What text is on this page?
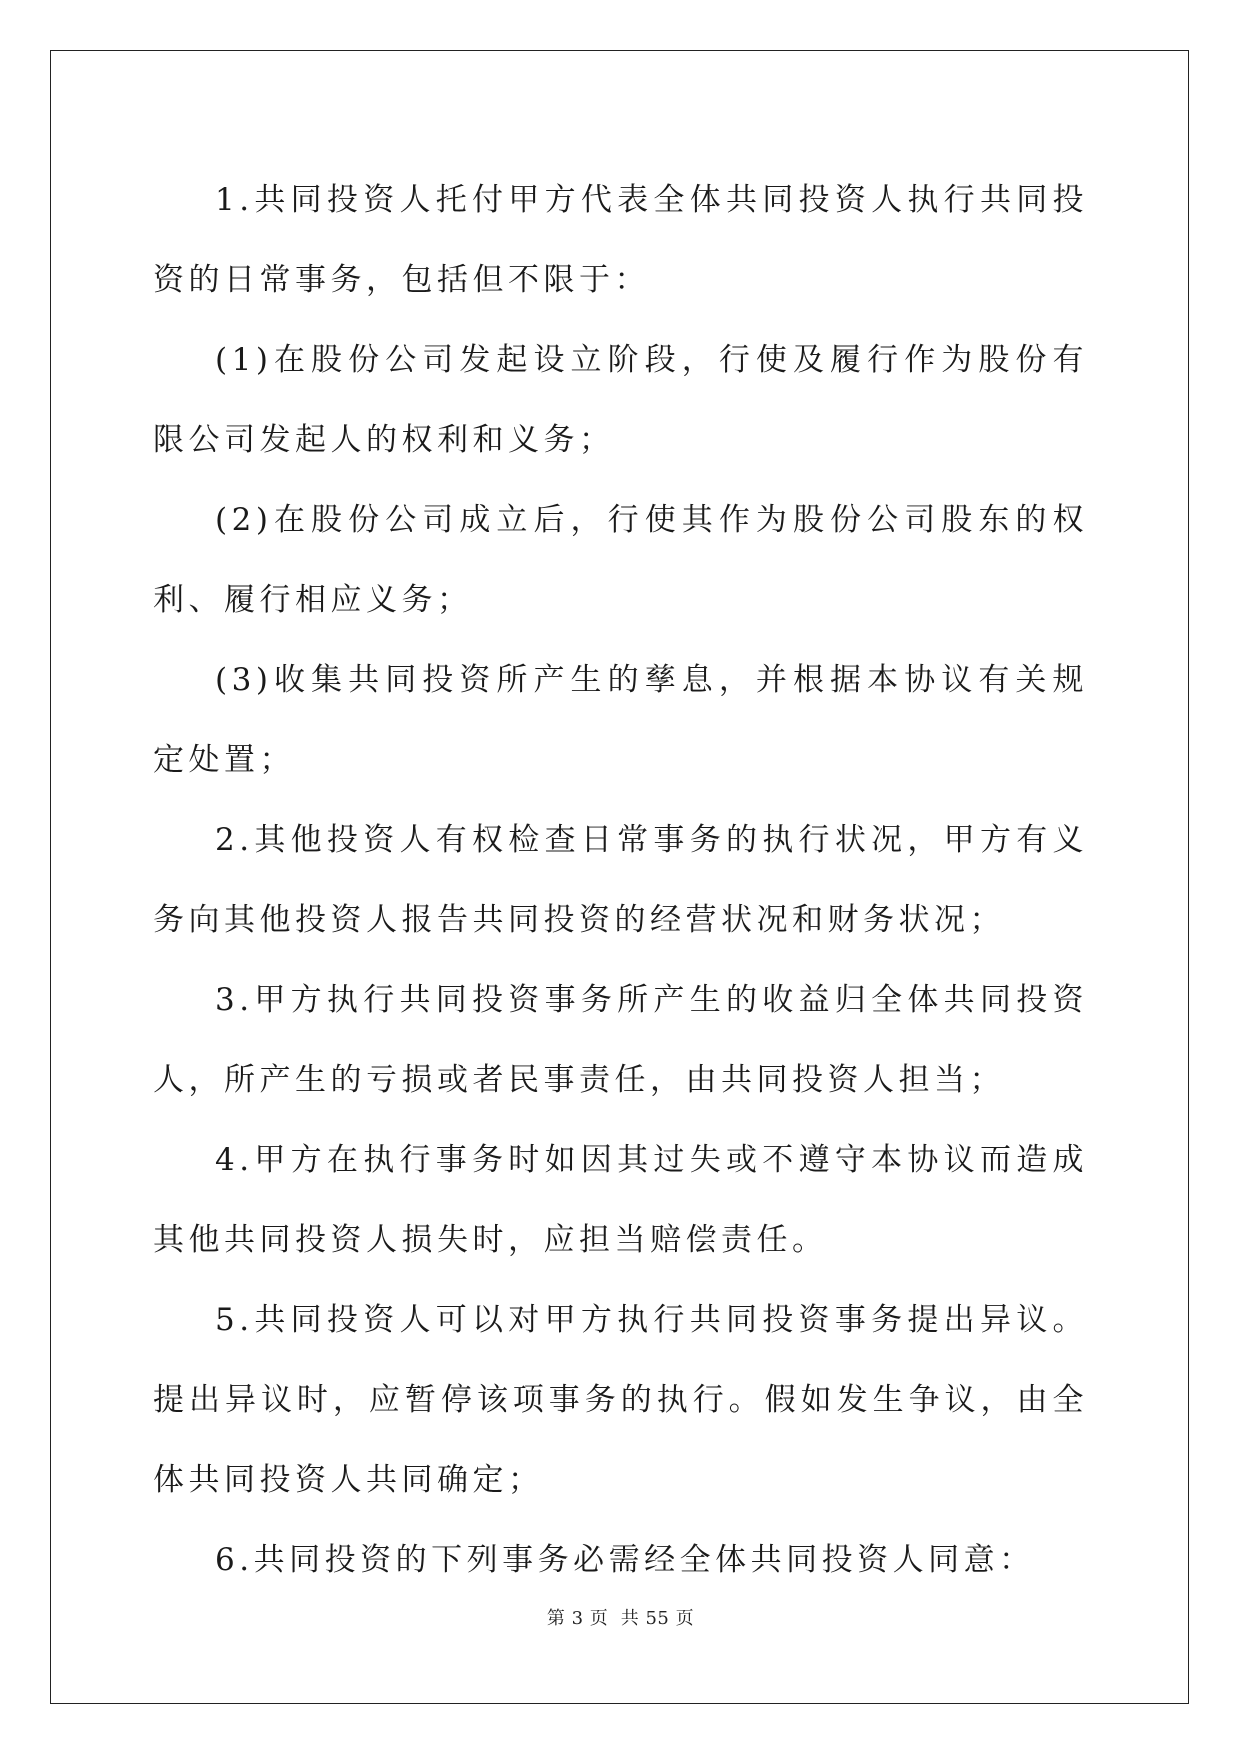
1.共同投资人托付甲方代表全体共同投资人执行共同投资的日常事务，包括但不限于：

(1)在股份公司发起设立阶段，行使及履行作为股份有限公司发起人的权利和义务；

(2)在股份公司成立后，行使其作为股份公司股东的权利、履行相应义务；

(3)收集共同投资所产生的孳息，并根据本协议有关规定处置；

2.其他投资人有权检查日常事务的执行状况，甲方有义务向其他投资人报告共同投资的经营状况和财务状况；

3.甲方执行共同投资事务所产生的收益归全体共同投资人，所产生的亏损或者民事责任，由共同投资人担当；

4.甲方在执行事务时如因其过失或不遵守本协议而造成其他共同投资人损失时，应担当赔偿责任。

5.共同投资人可以对甲方执行共同投资事务提出异议。提出异议时，应暂停该项事务的执行。假如发生争议，由全体共同投资人共同确定；

6.共同投资的下列事务必需经全体共同投资人同意：

第 3 页  共 55 页
